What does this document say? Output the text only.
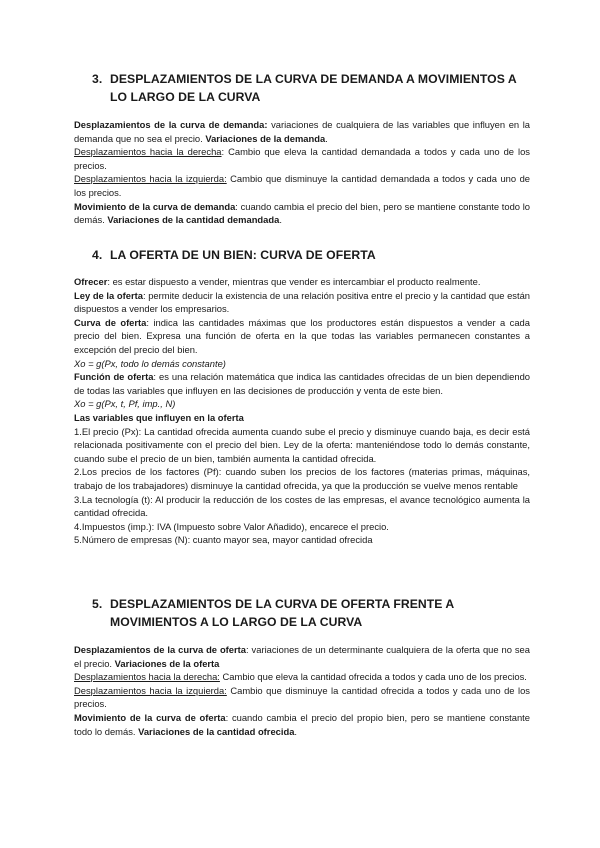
3. DESPLAZAMIENTOS DE LA CURVA DE DEMANDA A MOVIMIENTOS A LO LARGO DE LA CURVA

Desplazamientos de la curva de demanda: variaciones de cualquiera de las variables que influyen en la demanda que no sea el precio. Variaciones de la demanda.

Desplazamientos hacia la derecha: Cambio que eleva la cantidad demandada a todos y cada uno de los precios.

Desplazamientos hacia la izquierda: Cambio que disminuye la cantidad demandada a todos y cada uno de los precios.

Movimiento de la curva de demanda: cuando cambia el precio del bien, pero se mantiene constante todo lo demás. Variaciones de la cantidad demandada.

4. LA OFERTA DE UN BIEN: CURVA DE OFERTA

Ofrecer: es estar dispuesto a vender, mientras que vender es intercambiar el producto realmente.

Ley de la oferta: permite deducir la existencia de una relación positiva entre el precio y la cantidad que están dispuestos a vender los empresarios.

Curva de oferta: indica las cantidades máximas que los productores están dispuestos a vender a cada precio del bien. Expresa una función de oferta en la que todas las variables permanecen constantes a excepción del precio del bien.

Xo = g(Px, todo lo demás constante)

Función de oferta: es una relación matemática que indica las cantidades ofrecidas de un bien dependiendo de todas las variables que influyen en las decisiones de producción y venta de este bien.

Xo = g(Px, t, Pf, imp., N)

Las variables que influyen en la oferta

1.El precio (Px): La cantidad ofrecida aumenta cuando sube el precio y disminuye cuando baja, es decir está relacionada positivamente con el precio del bien. Ley de la oferta: manteniéndose todo lo demás constante, cuando sube el precio de un bien, también aumenta la cantidad ofrecida.

2.Los precios de los factores (Pf): cuando suben los precios de los factores (materias primas, máquinas, trabajo de los trabajadores) disminuye la cantidad ofrecida, ya que la producción se vuelve menos rentable

3.La tecnología (t): Al producir la reducción de los costes de las empresas, el avance tecnológico aumenta la cantidad ofrecida.

4.Impuestos (imp.): IVA (Impuesto sobre Valor Añadido), encarece el precio.

5.Número de empresas (N): cuanto mayor sea, mayor cantidad ofrecida

5. DESPLAZAMIENTOS DE LA CURVA DE OFERTA FRENTE A MOVIMIENTOS A LO LARGO DE LA CURVA

Desplazamientos de la curva de oferta: variaciones de un determinante cualquiera de la oferta que no sea el precio. Variaciones de la oferta

Desplazamientos hacia la derecha: Cambio que eleva la cantidad ofrecida a todos y cada uno de los precios.

Desplazamientos hacia la izquierda: Cambio que disminuye la cantidad ofrecida a todos y cada uno de los precios.

Movimiento de la curva de oferta: cuando cambia el precio del propio bien, pero se mantiene constante todo lo demás. Variaciones de la cantidad ofrecida.
